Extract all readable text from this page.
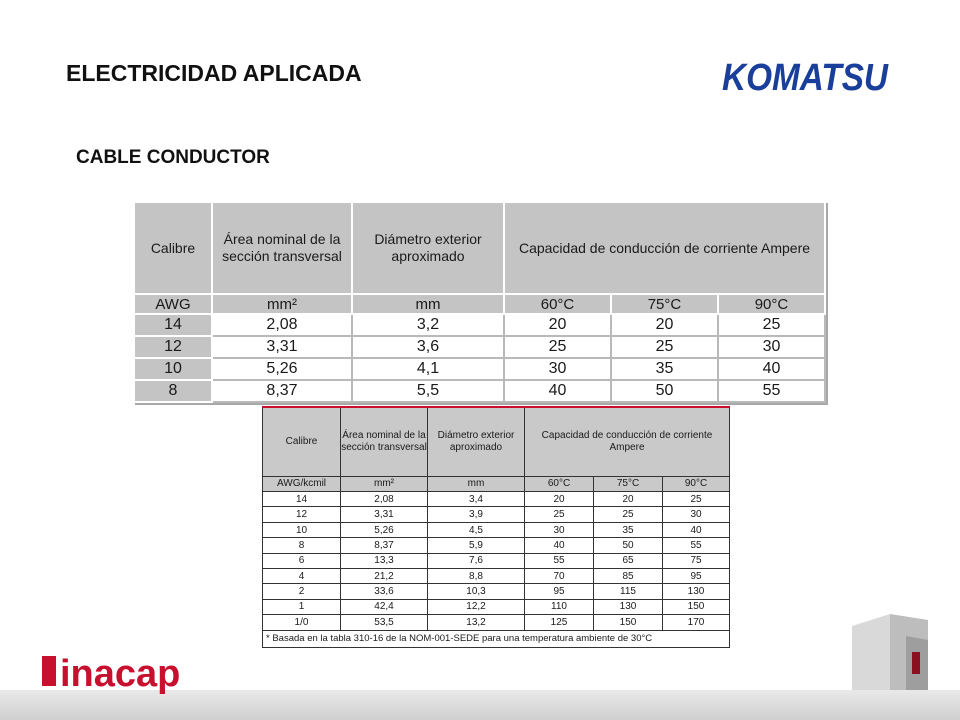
ELECTRICIDAD APLICADA	KOMATSU
CABLE CONDUCTOR
Calibre	Área nominal de la sección transversal	Diámetro exterior aproximado	Capacidad de conducción de corriente Ampere		
AWG	mm²	mm	60°C	75°C	90°C
14	2,08	3,2	20	20	25
12	3,31	3,6	25	25	30
10	5,26	4,1	30	35	40
8	8,37	5,5	40	50	55
Calibre	Área nominal de la sección transversal	Diámetro exterior aproximado	Capacidad de conducción de corriente Ampere		
AWG/kcmil	mm²	mm	60°C	75°C	90°C
14	2,08	3,4	20	20	25
12	3,31	3,9	25	25	30
10	5,26	4,5	30	35	40
8	8,37	5,9	40	50	55
6	13,3	7,6	55	65	75
4	21,2	8,8	70	85	95
2	33,6	10,3	95	115	130
1	42,4	12,2	110	130	150
1/0	53,5	13,2	125	150	170
* Basada en la tabla 310-16 de la NOM-001-SEDE para una temperatura ambiente de 30°C					
inacap
